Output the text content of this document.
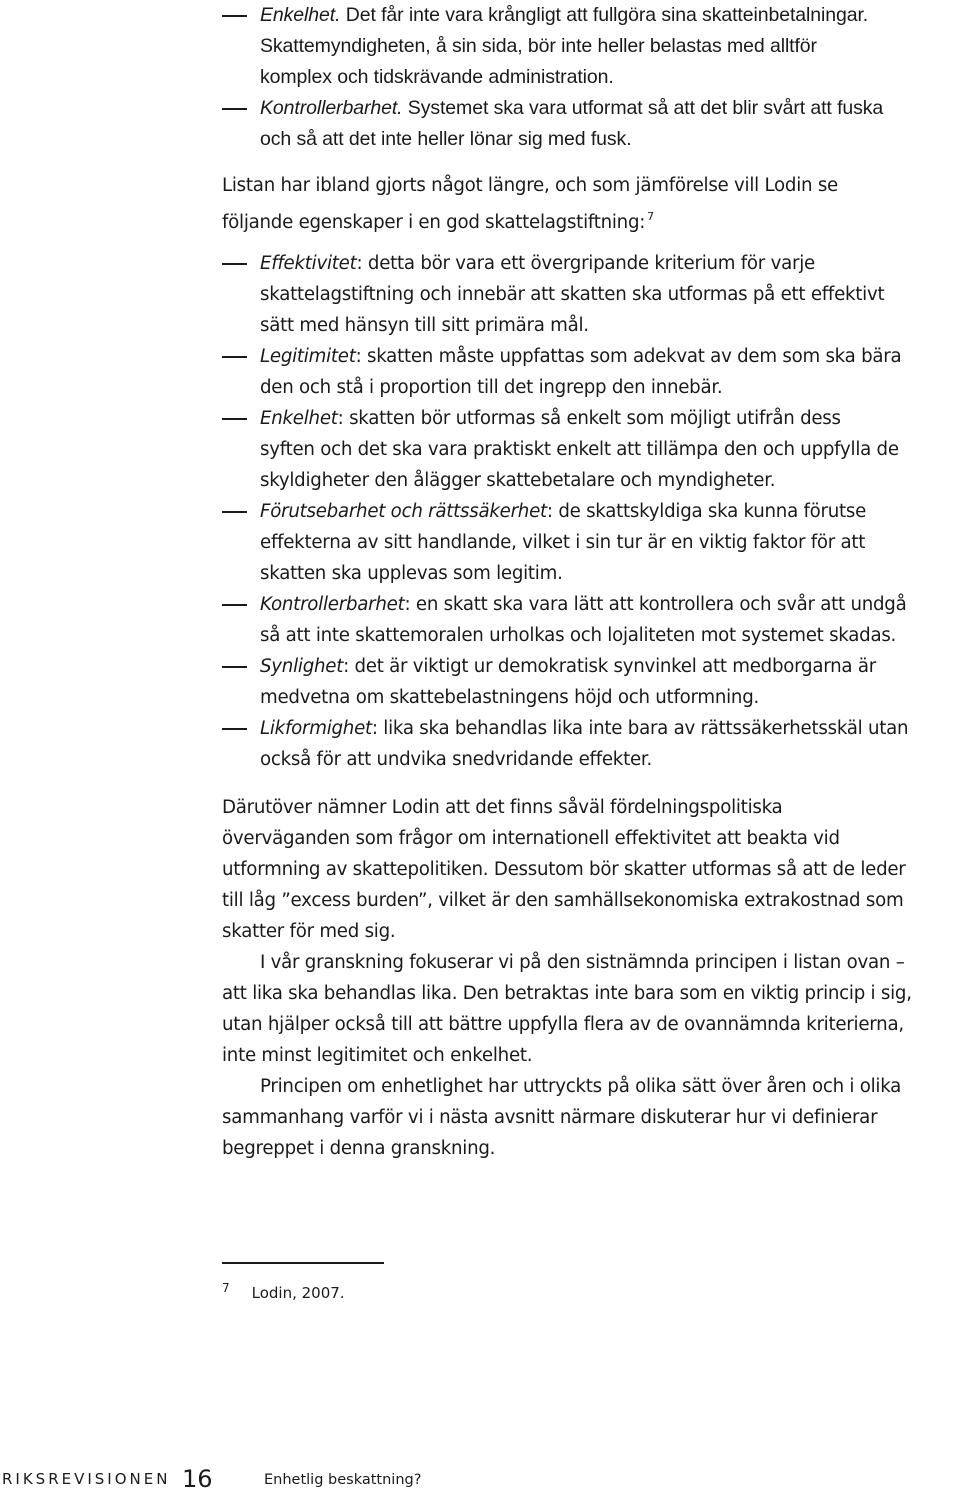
Enkelhet. Det får inte vara krångligt att fullgöra sina skatteinbetalningar.
Skattemyndigheten, å sin sida, bör inte heller belastas med alltför
komplex och tidskrävande administration.
Kontrollerbarhet. Systemet ska vara utformat så att det blir svårt att fuska
och så att det inte heller lönar sig med fusk.
Listan har ibland gjorts något längre, och som jämförelse vill Lodin se
följande egenskaper i en god skattelagstiftning: $^7$
Effektivitet: detta bör vara ett övergripande kriterium för varje
skattelagstiftning och innebär att skatten ska utformas på ett effektivt
sätt med hänsyn till sitt primära mål.
Legitimitet: skatten måste uppfattas som adekvat av dem som ska bära
den och stå i proportion till det ingrepp den innebär.
Enkelhet: skatten bör utformas så enkelt som möjligt utifrån dess
syften och det ska vara praktiskt enkelt att tillämpa den och uppfylla de
skyldigheter den ålägger skattebetalare och myndigheter.
Förutsebarhet och rättssäkerhet: de skattskyldiga ska kunna förutse
effekterna av sitt handlande, vilket i sin tur är en viktig faktor för att
skatten ska upplevas som legitim.
Kontrollerbarhet: en skatt ska vara lätt att kontrollera och svår att undgå
så att inte skattemoralen urholkas och lojaliteten mot systemet skadas.
Synlighet: det är viktigt ur demokratisk synvinkel att medborgarna är
medvetna om skattebelastningens höjd och utformning.
Likformighet: lika ska behandlas lika inte bara av rättssäkerhetsskäl utan
också för att undvika snedvridande effekter.
Därutöver nämner Lodin att det finns såväl fördelningspolitiska
överväganden som frågor om internationell effektivitet att beakta vid
utformning av skattepolitiken. Dessutom bör skatter utformas så att de leder
till låg ”excess burden”, vilket är den samhällsekonomiska extrakostnad som
skatter för med sig.
I vår granskning fokuserar vi på den sistnämnda principen i listan ovan –
att lika ska behandlas lika. Den betraktas inte bara som en viktig princip i sig,
utan hjälper också till att bättre uppfylla flera av de ovannämnda kriterierna,
inte minst legitimitet och enkelhet.
Principen om enhetlighet har uttryckts på olika sätt över åren och i olika
sammanhang varför vi i nästa avsnitt närmare diskuterar hur vi definierar
begreppet i denna granskning.
$^7$ Lodin, 2007.
RIKSREVISIONEN 16	Enhetlig beskattning?
